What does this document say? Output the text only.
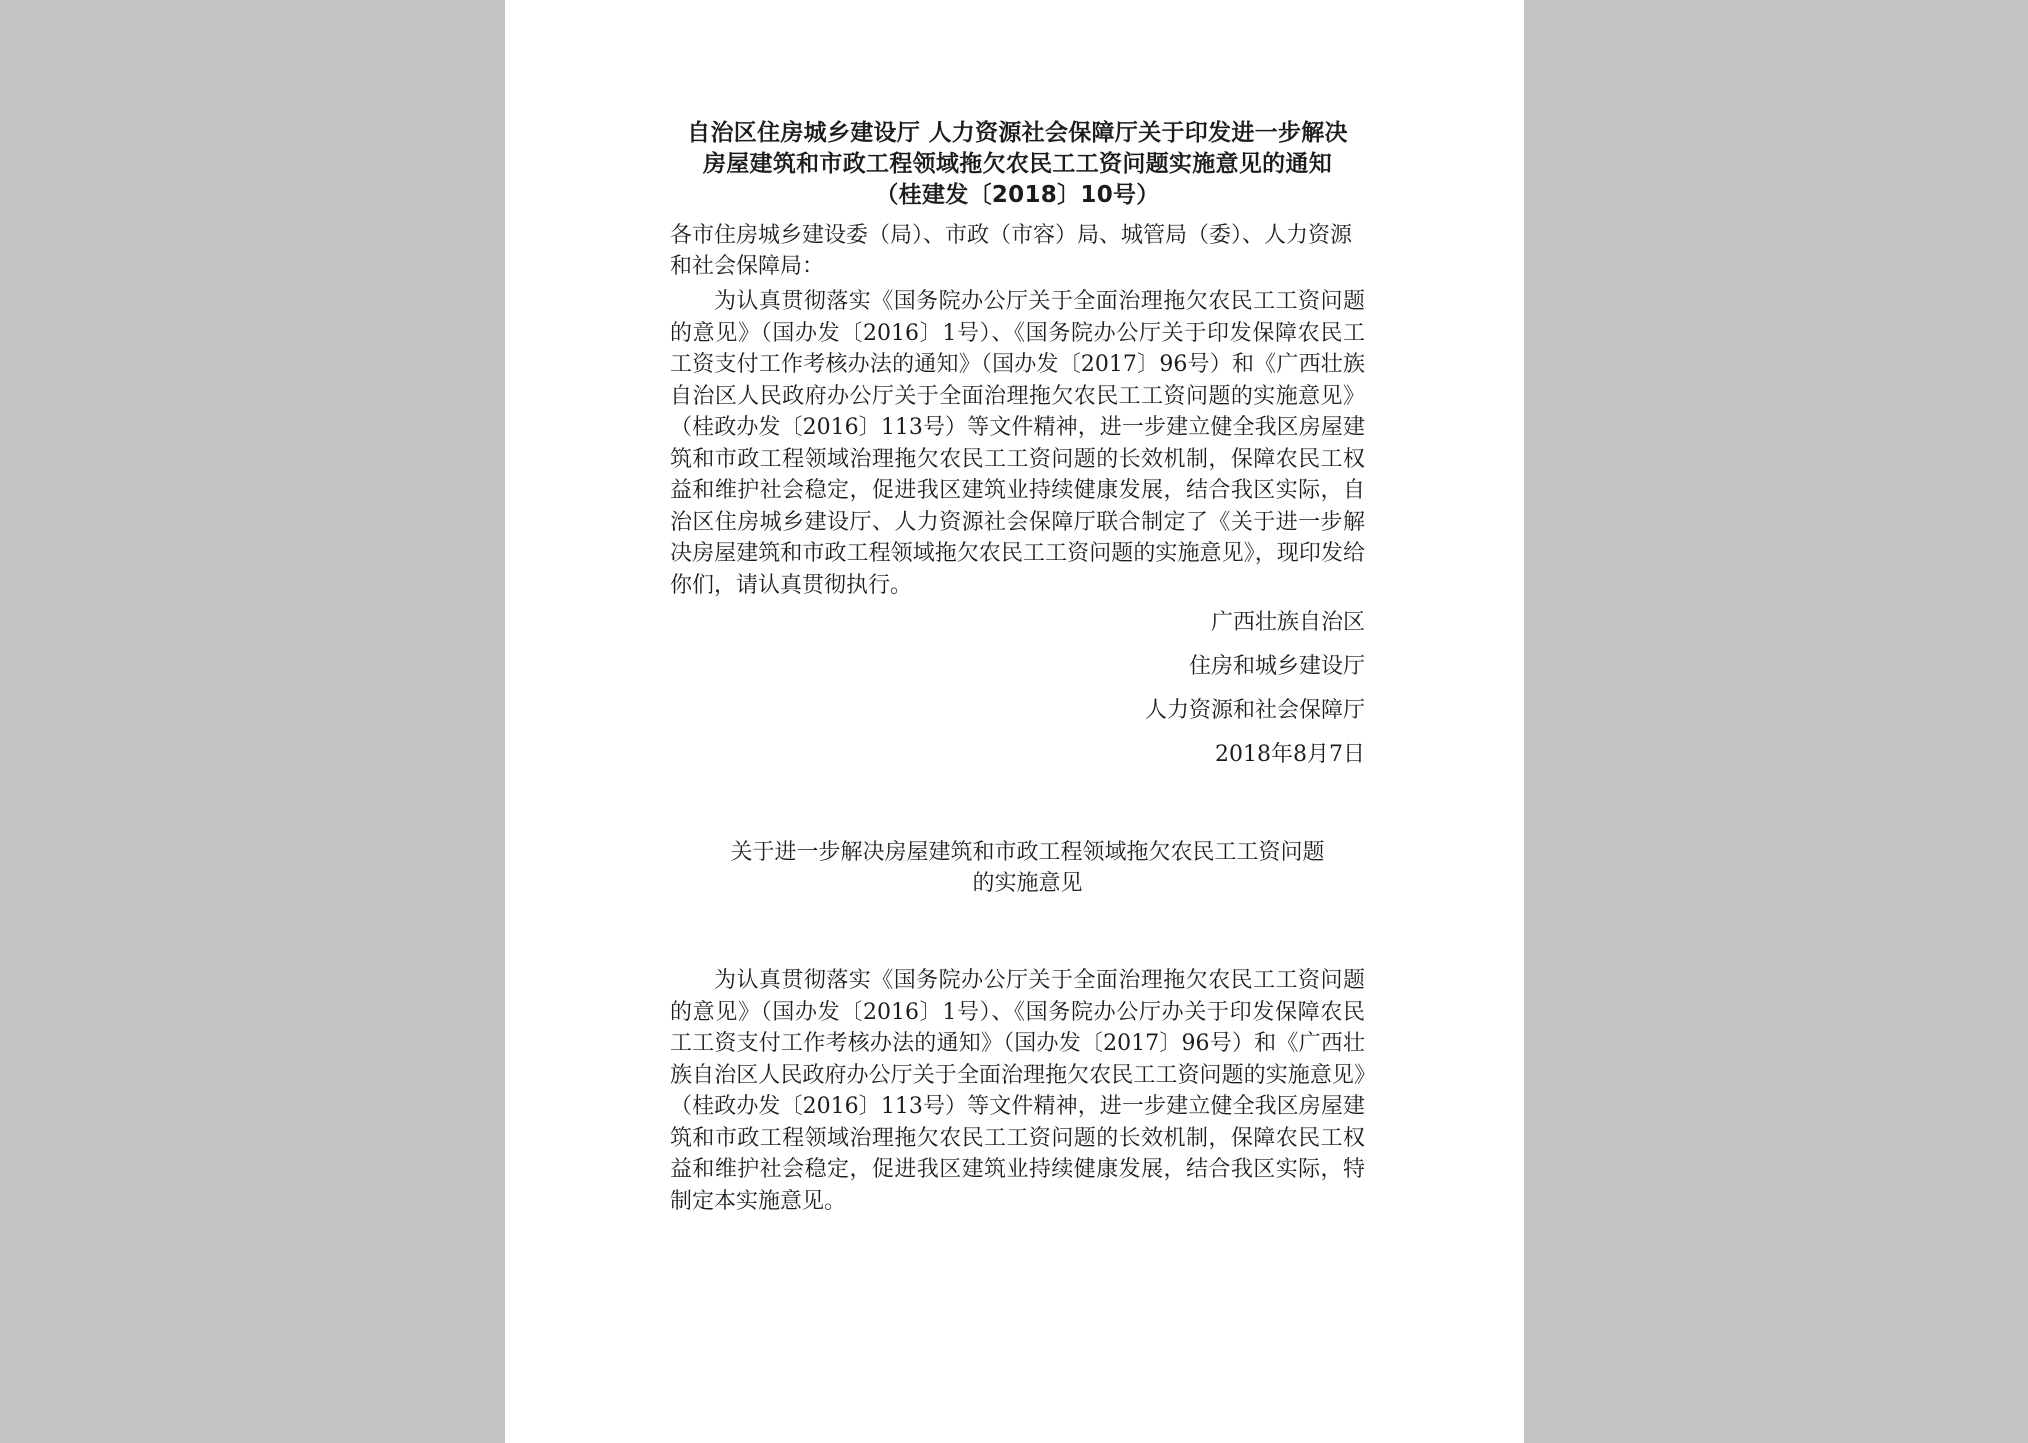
自治区住房城乡建设厅 人力资源社会保障厅关于印发进一步解决
房屋建筑和市政工程领域拖欠农民工工资问题实施意见的通知
（桂建发〔2018〕10号）

各市住房城乡建设委（局）、市政（市容）局、城管局（委）、人力资源和社会保障局：

为认真贯彻落实《国务院办公厅关于全面治理拖欠农民工工资问题的意见》（国办发〔2016〕1号）、《国务院办公厅关于印发保障农民工工资支付工作考核办法的通知》（国办发〔2017〕96号）和《广西壮族自治区人民政府办公厅关于全面治理拖欠农民工工资问题的实施意见》（桂政办发〔2016〕113号）等文件精神，进一步建立健全我区房屋建筑和市政工程领域治理拖欠农民工工资问题的长效机制，保障农民工权益和维护社会稳定，促进我区建筑业持续健康发展，结合我区实际，自治区住房城乡建设厅、人力资源社会保障厅联合制定了《关于进一步解决房屋建筑和市政工程领域拖欠农民工工资问题的实施意见》，现印发给你们，请认真贯彻执行。

广西壮族自治区
住房和城乡建设厅
人力资源和社会保障厅
2018年8月7日
关于进一步解决房屋建筑和市政工程领域拖欠农民工工资问题
的实施意见

为认真贯彻落实《国务院办公厅关于全面治理拖欠农民工工资问题的意见》（国办发〔2016〕1号）、《国务院办公厅办关于印发保障农民工工资支付工作考核办法的通知》（国办发〔2017〕96号）和《广西壮族自治区人民政府办公厅关于全面治理拖欠农民工工资问题的实施意见》（桂政办发〔2016〕113号）等文件精神，进一步建立健全我区房屋建筑和市政工程领域治理拖欠农民工工资问题的长效机制，保障农民工权益和维护社会稳定，促进我区建筑业持续健康发展，结合我区实际，特制定本实施意见。
